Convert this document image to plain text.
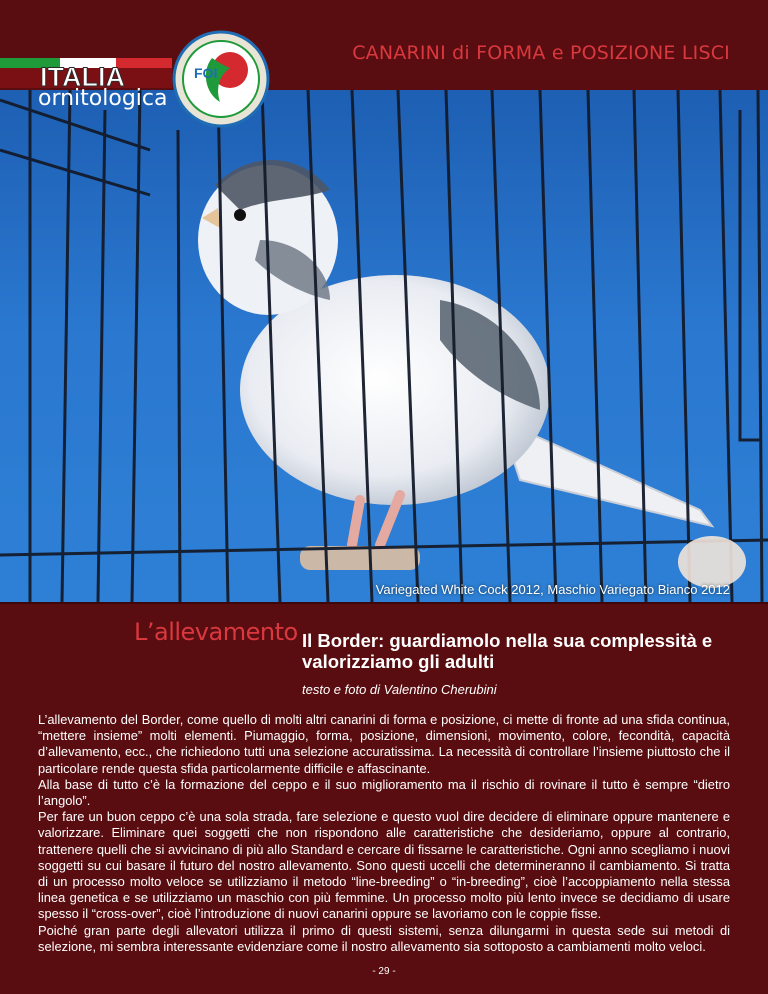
CANARINI di FORMA e POSIZIONE LISCI
ITALIA
ornitologica
FOI
Variegated White Cock 2012, Maschio Variegato Bianco 2012
L’allevamento Il Border: guardiamolo nella sua complessità e valorizziamo gli adulti
testo e foto di Valentino Cherubini

L’allevamento del Border, come quello di molti altri canarini di forma e posizione, ci mette di fronte ad una sfida continua, “mettere insieme” molti elementi. Piumaggio, forma, posizione, dimensioni, movimento, colore, fecondità, capacità d’allevamento, ecc., che richiedono tutti una selezione accuratissima. La necessità di controllare l’insieme piuttosto che il particolare rende questa sfida particolarmente difficile e affascinante.

Alla base di tutto c’è la formazione del ceppo e il suo miglioramento ma il rischio di rovinare il tutto è sempre “dietro l’angolo”.

Per fare un buon ceppo c’è una sola strada, fare selezione e questo vuol dire decidere di eliminare oppure mantenere e valorizzare. Eliminare quei soggetti che non rispondono alle caratteristiche che desideriamo, oppure al contrario, trattenere quelli che si avvicinano di più allo Standard e cercare di fissarne le caratteristiche. Ogni anno scegliamo i nuovi soggetti su cui basare il futuro del nostro allevamento. Sono questi uccelli che determineranno il cambiamento. Si tratta di un processo molto veloce se utilizziamo il metodo “line-breeding” o “in-breeding”, cioè l’accoppiamento nella stessa linea genetica e se utilizziamo un maschio con più femmine. Un processo molto più lento invece se decidiamo di usare spesso il “cross-over”, cioè l’introduzione di nuovi canarini oppure se lavoriamo con le coppie fisse.

Poiché gran parte degli allevatori utilizza il primo di questi sistemi, senza dilungarmi in questa sede sui metodi di selezione, mi sembra interessante evidenziare come il nostro allevamento sia sottoposto a cambiamenti molto veloci.

- 29 -
